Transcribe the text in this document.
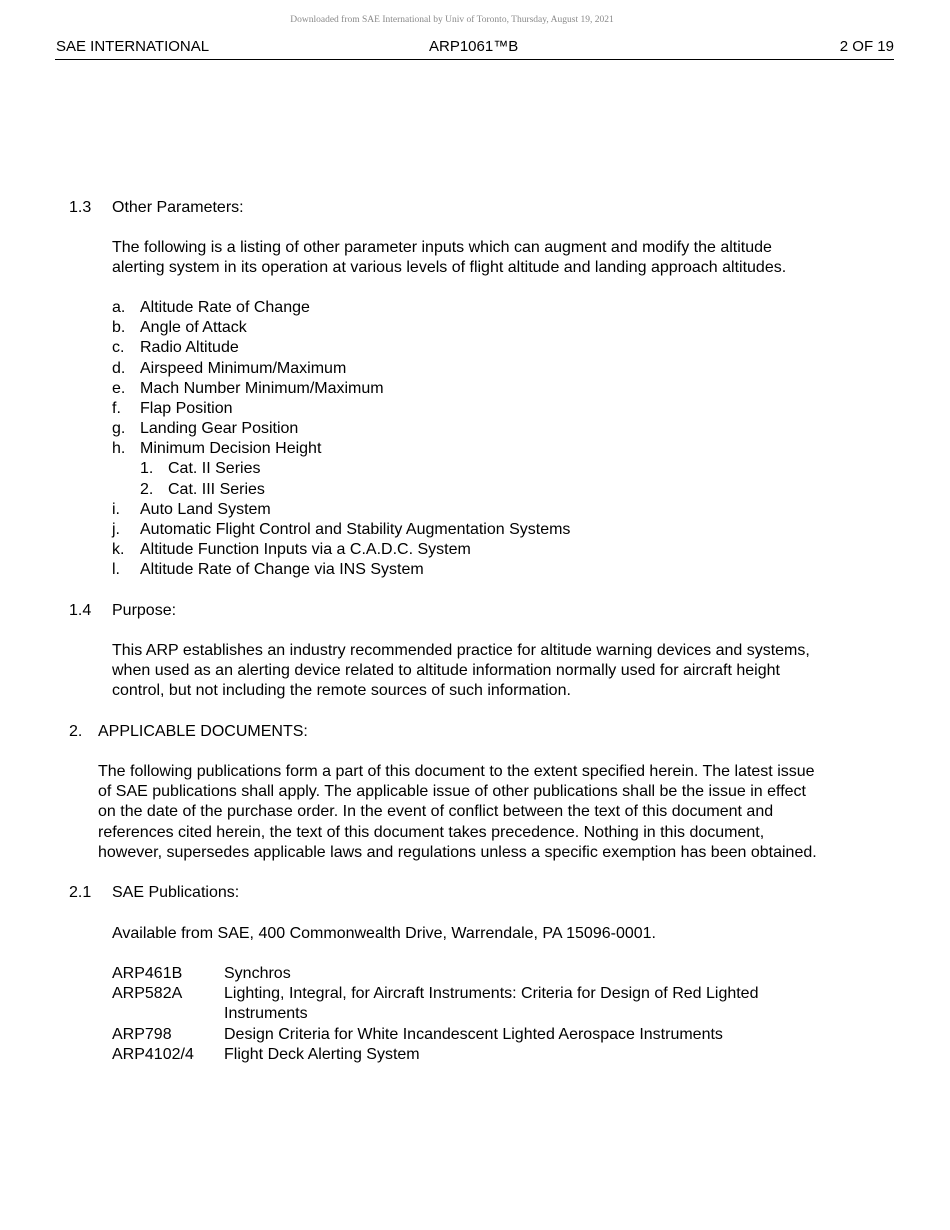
Downloaded from SAE International by Univ of Toronto, Thursday, August 19, 2021
SAE INTERNATIONAL	ARP1061™B	2 OF 19
1.3 Other Parameters:
The following is a listing of other parameter inputs which can augment and modify the altitude
alerting system in its operation at various levels of flight altitude and landing approach altitudes.
a. Altitude Rate of Change
b. Angle of Attack
c. Radio Altitude
d. Airspeed Minimum/Maximum
e. Mach Number Minimum/Maximum
f. Flap Position
g. Landing Gear Position
h. Minimum Decision Height
1. Cat. II Series
2. Cat. III Series
i. Auto Land System
j. Automatic Flight Control and Stability Augmentation Systems
k. Altitude Function Inputs via a C.A.D.C. System
l. Altitude Rate of Change via INS System
1.4 Purpose:
This ARP establishes an industry recommended practice for altitude warning devices and systems,
when used as an alerting device related to altitude information normally used for aircraft height
control, but not including the remote sources of such information.
2. APPLICABLE DOCUMENTS:
The following publications form a part of this document to the extent specified herein. The latest issue
of SAE publications shall apply. The applicable issue of other publications shall be the issue in effect
on the date of the purchase order. In the event of conflict between the text of this document and
references cited herein, the text of this document takes precedence. Nothing in this document,
however, supersedes applicable laws and regulations unless a specific exemption has been obtained.
2.1 SAE Publications:
Available from SAE, 400 Commonwealth Drive, Warrendale, PA 15096-0001.
ARP461B	Synchros
ARP582A	Lighting, Integral, for Aircraft Instruments: Criteria for Design of Red Lighted
Instruments
ARP798	Design Criteria for White Incandescent Lighted Aerospace Instruments
ARP4102/4 Flight Deck Alerting System
